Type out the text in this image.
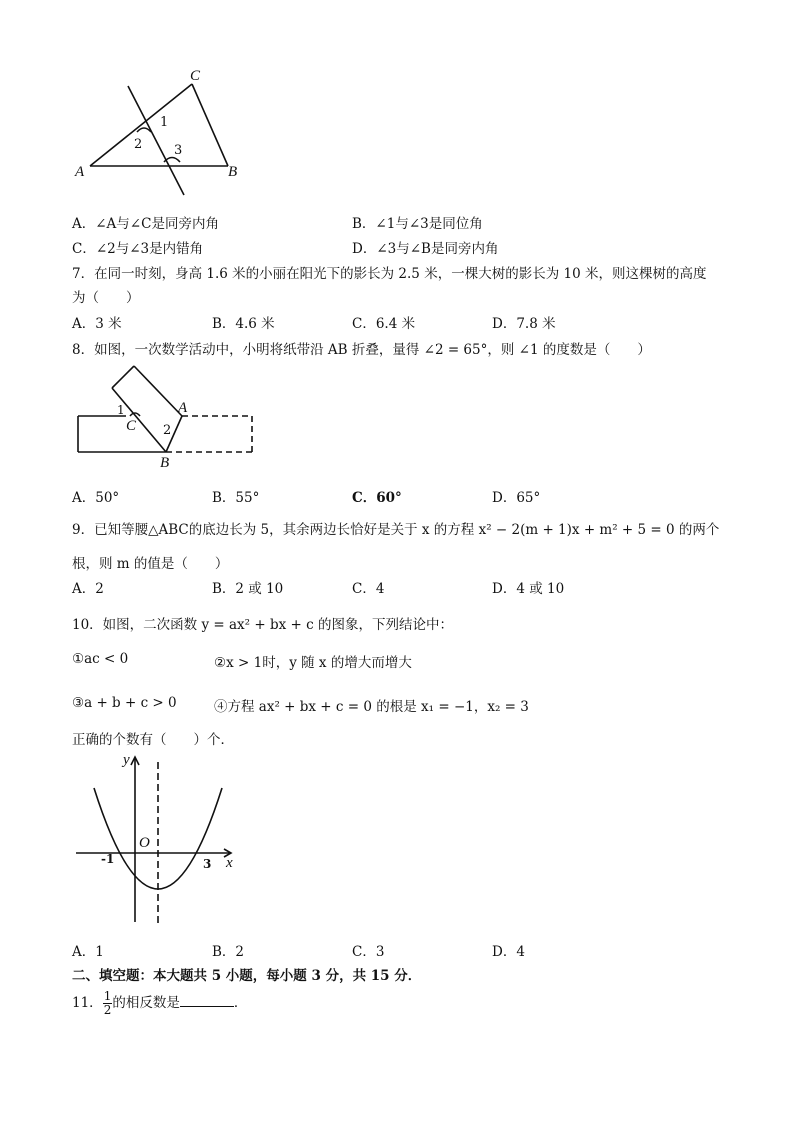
A	B
C
1
2 3
A．∠A与∠C是同旁内角	B．∠1与∠3是同位角
C．∠2与∠3是内错角	D．∠3与∠B是同旁内角
7．在同一时刻，身高 1.6 米的小丽在阳光下的影长为 2.5 米，一棵大树的影长为 10 米，则这棵树的高度
为（　　）
A．3 米	B．4.6 米	C．6.4 米	D．7.8 米
8．如图，一次数学活动中，小明将纸带沿 AB 折叠，量得 ∠2 = 65°，则 ∠1 的度数是（　　）
1	A
C 2
B
A．50°	B．55°	C．60°	D．65°
9．已知等腰△ABC的底边长为 5，其余两边长恰好是关于 x 的方程 x² − 2(m + 1)x + m² + 5 = 0 的两个
根，则 m 的值是（　　）
A．2	B．2 或 10	C．4	D．4 或 10
10．如图，二次函数 y = ax² + bx + c 的图象，下列结论中：
①ac < 0	②x > 1时，y 随 x 的增大而增大
③a + b + c > 0	④方程 ax² + bx + c = 0 的根是 x₁ = −1，x₂ = 3
正确的个数有（　　）个．
y
x
O
-1	3
A．1	B．2	C．3	D．4
二、填空题：本大题共 5 小题，每小题 3 分，共 15 分．
11． $\frac{1}{2}$ 的相反数是	．
